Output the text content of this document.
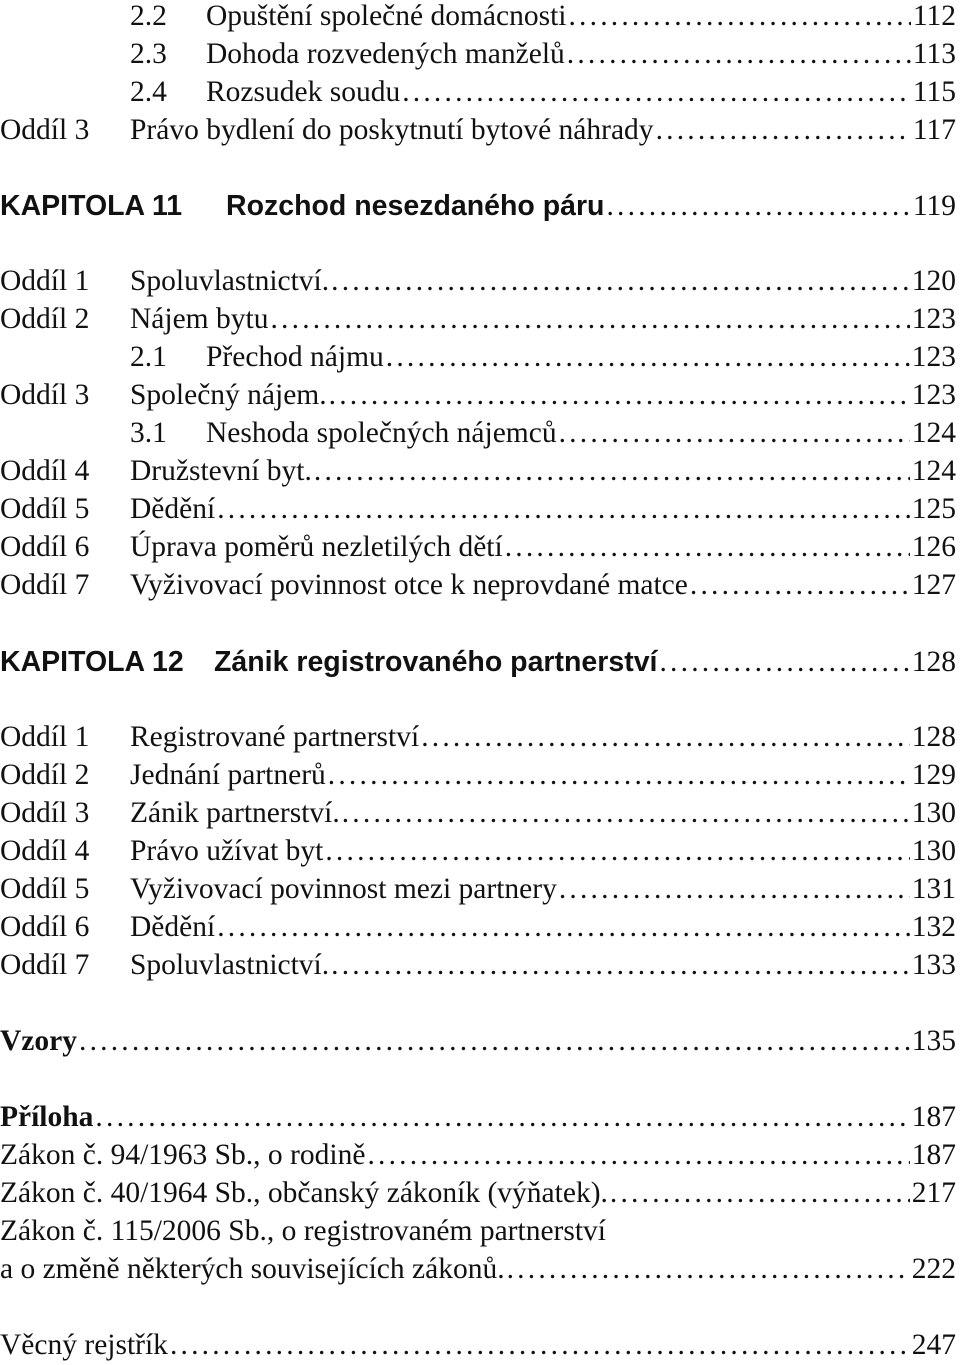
2.2	Opuštění společné domácnosti .....	112
2.3	Dohoda rozvedených manželů .....	113
2.4	Rozsudek soudu .....	115
Oddíl 3	Právo bydlení do poskytnutí bytové náhrady .....	117
KAPITOLA 11	Rozchod nesezdaného páru .....	119
Oddíl 1	Spoluvlastnictví. .....	120
Oddíl 2	Nájem bytu .....	123
2.1	Přechod nájmu .....	123
Oddíl 3	Společný nájem. .....	123
3.1	Neshoda společných nájemců .....	124
Oddíl 4	Družstevní byt. .....	124
Oddíl 5	Dědění .....	125
Oddíl 6	Úprava poměrů nezletilých dětí .....	126
Oddíl 7	Vyživovací povinnost otce k neprovdané matce .....	127
KAPITOLA 12	Zánik registrovaného partnerství .....	128
Oddíl 1	Registrované partnerství .....	128
Oddíl 2	Jednání partnerů .....	129
Oddíl 3	Zánik partnerství. .....	130
Oddíl 4	Právo užívat byt .....	130
Oddíl 5	Vyživovací povinnost mezi partnery .....	131
Oddíl 6	Dědění .....	132
Oddíl 7	Spoluvlastnictví. .....	133
Vzory .....	135
Příloha .....	187
Zákon č. 94/1963 Sb., o rodině .....	187
Zákon č. 40/1964 Sb., občanský zákoník (výňatek). .....	217
Zákon č. 115/2006 Sb., o registrovaném partnerství
a o změně některých souvisejících zákonů. .....	222
Věcný rejstřík .....	247
